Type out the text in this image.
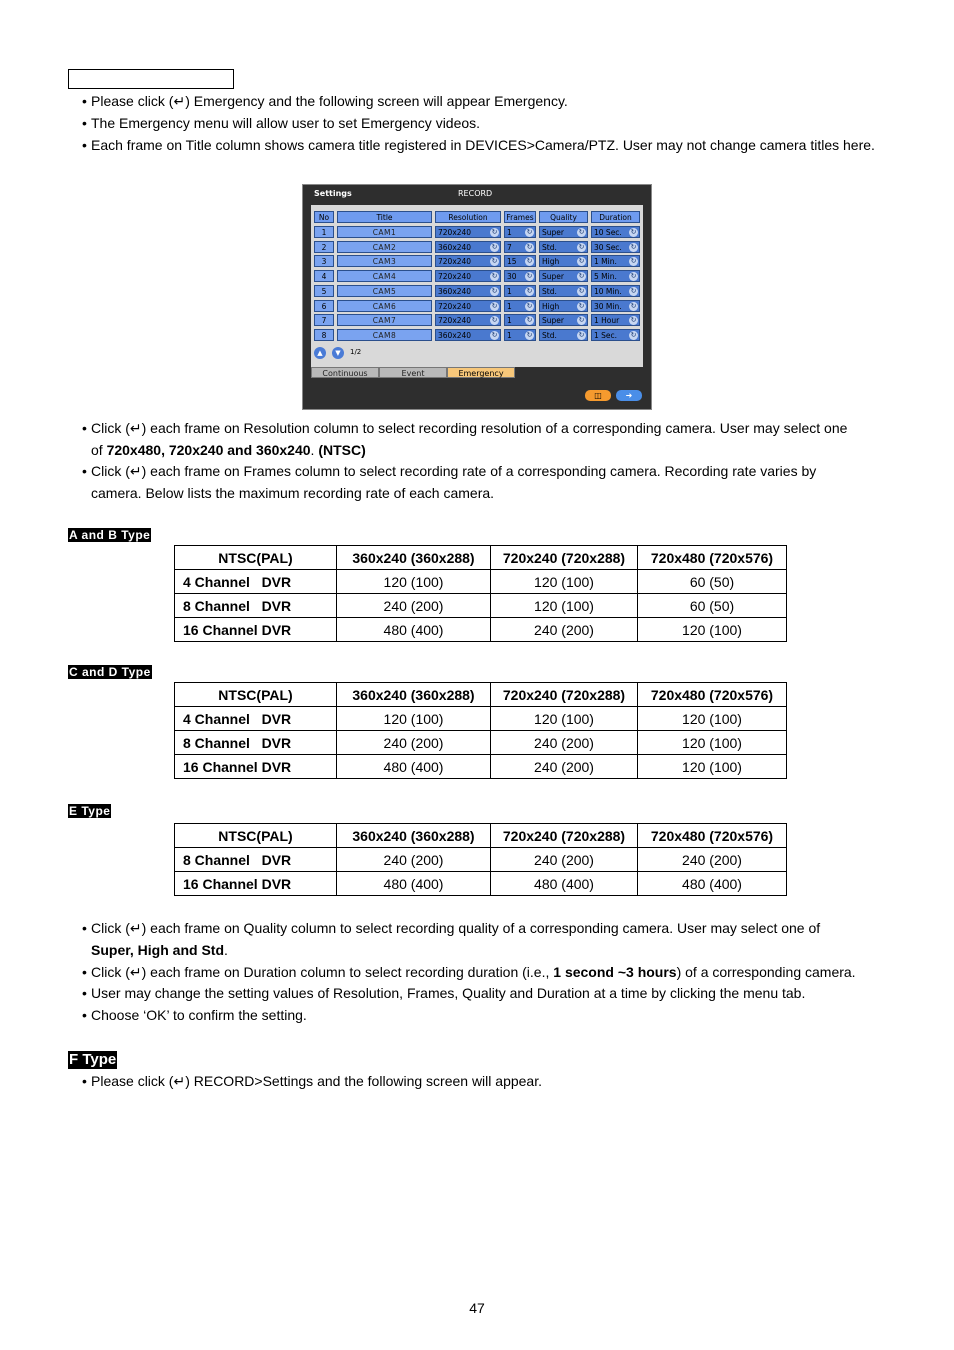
• Please click (↵) Emergency and the following screen will appear Emergency.
• The Emergency menu will allow user to set Emergency videos.
• Each frame on Title column shows camera title registered in DEVICES>Camera/PTZ. User may not change camera titles here.
Settings	RECORD
No	Title	Resolution	Frames	Quality	Duration
1	CAM1	720x240	↻	1 ↻	Super ↻	10 Sec. ↻
2	CAM2	360x240	↻	7 ↻	Std.	↻	30 Sec. ↻
3	CAM3	720x240	↻	15 ↻	High	↻	1 Min. ↻
4	CAM4	720x240	↻	30 ↻	Super ↻	5 Min. ↻
5	CAM5	360x240	↻	1 ↻	Std.	↻	10 Min. ↻
6	CAM6	720x240	↻	1 ↻	High	↻	30 Min. ↻
7	CAM7	720x240	↻	1 ↻	Super ↻	1 Hour ↻
8	CAM8	360x240	↻	1 ↻	Std.	↻	1 Sec. ↻
▲	▼	1/2
Continuous	Event	Emergency
◫	➜
• Click (↵) each frame on Resolution column to select recording resolution of a corresponding camera. User may select one
of 720x480, 720x240 and 360x240. (NTSC)
• Click (↵) each frame on Frames column to select recording rate of a corresponding camera. Recording rate varies by
camera. Below lists the maximum recording rate of each camera.
A and B Type
NTSC(PAL)	360x240 (360x288)	720x240 (720x288)	720x480 (720x576)
4 Channel   DVR	120 (100)	120 (100)	60 (50)
8 Channel   DVR	240 (200)	120 (100)	60 (50)
16 Channel DVR	480 (400)	240 (200)	120 (100)
C and D Type
NTSC(PAL)	360x240 (360x288)	720x240 (720x288)	720x480 (720x576)
4 Channel   DVR	120 (100)	120 (100)	120 (100)
8 Channel   DVR	240 (200)	240 (200)	120 (100)
16 Channel DVR	480 (400)	240 (200)	120 (100)
E Type
NTSC(PAL)	360x240 (360x288)	720x240 (720x288)	720x480 (720x576)
8 Channel   DVR	240 (200)	240 (200)	240 (200)
16 Channel DVR	480 (400)	480 (400)	480 (400)
• Click (↵) each frame on Quality column to select recording quality of a corresponding camera. User may select one of
Super, High and Std.
• Click (↵) each frame on Duration column to select recording duration (i.e., 1 second ~3 hours) of a corresponding camera.
• User may change the setting values of Resolution, Frames, Quality and Duration at a time by clicking the menu tab.
• Choose ‘OK’ to confirm the setting.
F Type
• Please click (↵) RECORD>Settings and the following screen will appear.
47
